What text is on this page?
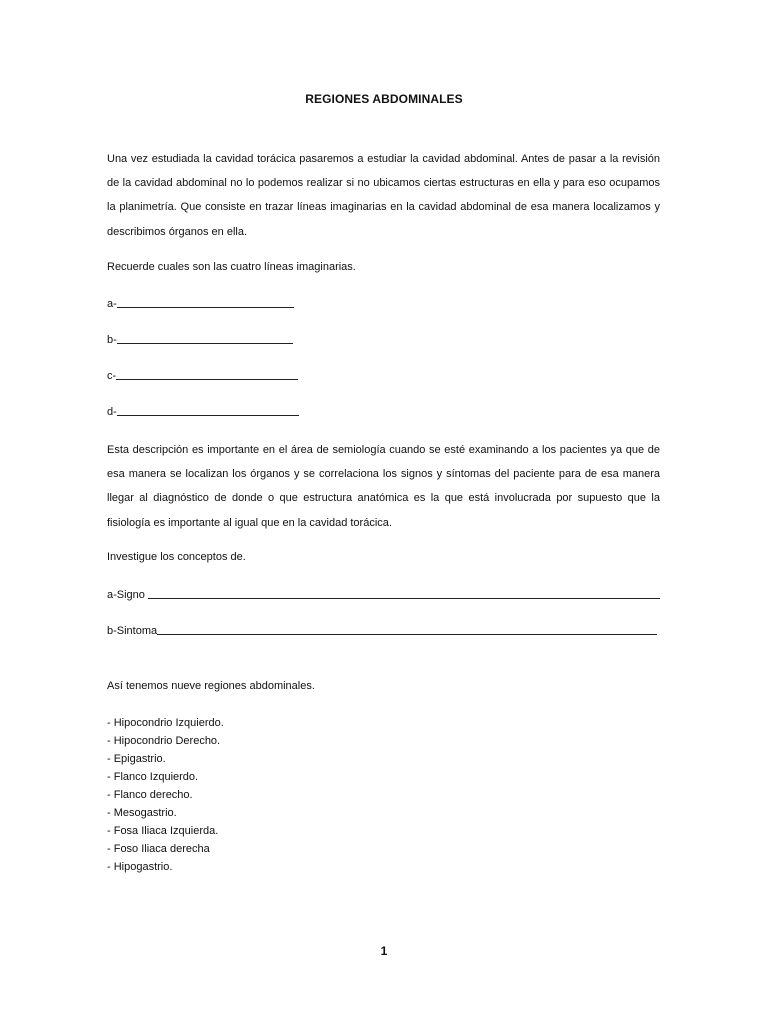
REGIONES ABDOMINALES
Una vez estudiada la cavidad torácica pasaremos a estudiar la cavidad abdominal. Antes de pasar a la revisión de la cavidad abdominal no lo podemos realizar si no ubicamos ciertas estructuras en ella y para eso ocupamos la planimetría. Que consiste en trazar líneas imaginarias en la cavidad abdominal de esa manera localizamos y describimos órganos en ella.
Recuerde cuales son las cuatro líneas imaginarias.
a-
b-
c-
d-
Esta descripción es importante en el área de semiología cuando se esté examinando a los pacientes ya que de esa manera se localizan los órganos y se correlaciona los signos y síntomas del paciente para de esa manera llegar al diagnóstico de donde o que estructura anatómica es la que está involucrada por supuesto que la fisiología es importante al igual que en la cavidad torácica.
Investigue los conceptos de.
a-Signo
b-Sintoma
Así tenemos nueve regiones abdominales.
- Hipocondrio Izquierdo.
- Hipocondrio Derecho.
- Epigastrio.
- Flanco Izquierdo.
- Flanco derecho.
- Mesogastrio.
- Fosa Iliaca Izquierda.
- Foso Iliaca derecha
- Hipogastrio.
1
